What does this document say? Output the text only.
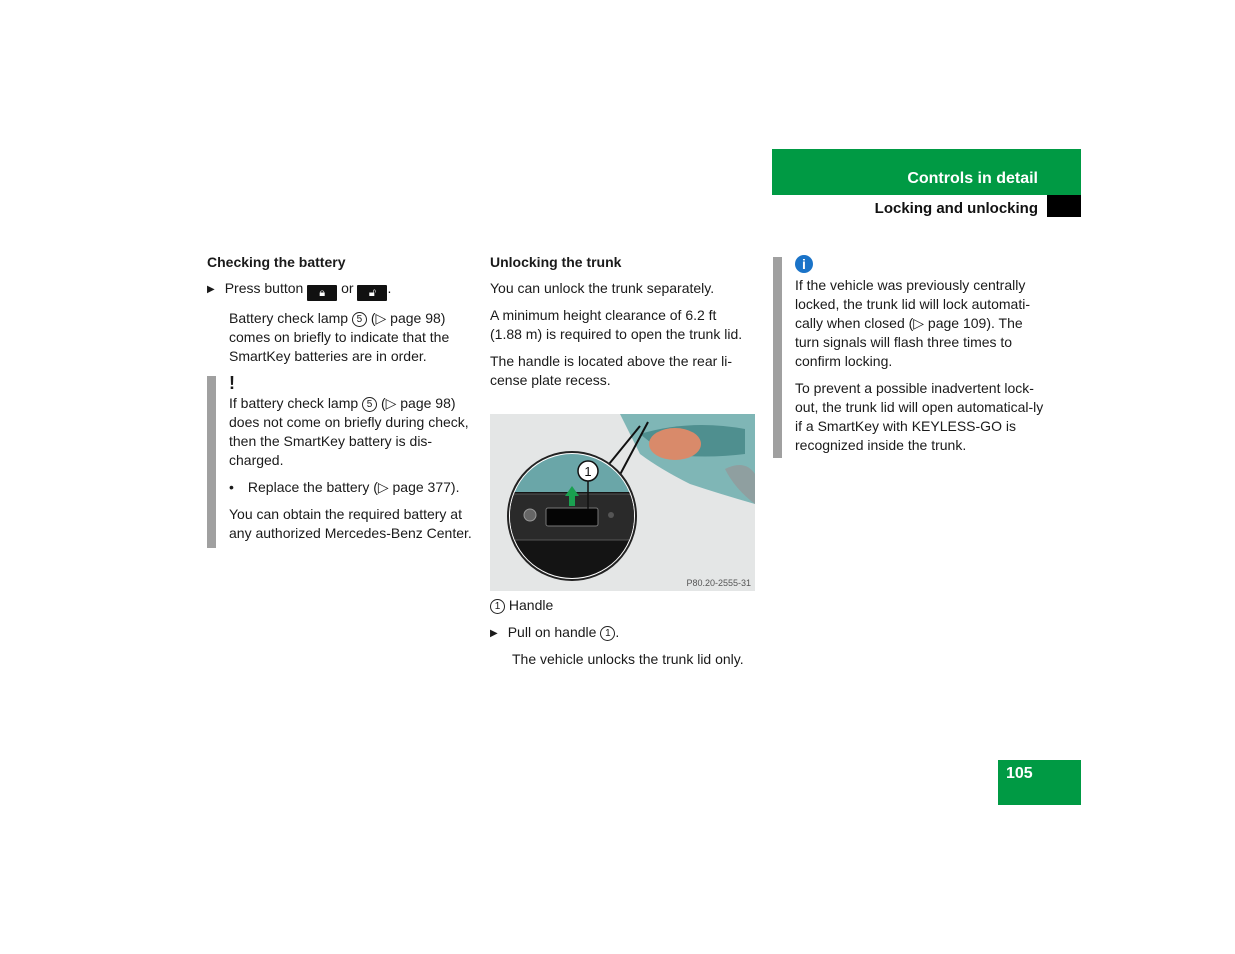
Controls in detail
Locking and unlocking

Checking the battery

▶ Press button 🔒︎ or 🔓︎ .

Battery check lamp 5 (▷ page 98) comes on briefly to indicate that the SmartKey batteries are in order.

!

If battery check lamp 5 (▷ page 98) does not come on briefly during check, then the SmartKey battery is dis-charged.

• Replace the battery (▷ page 377).

You can obtain the required battery at any authorized Mercedes-Benz Center.

Unlocking the trunk

You can unlock the trunk separately.

A minimum height clearance of 6.2 ft (1.88 m) is required to open the trunk lid.

The handle is located above the rear li-cense plate recess.

1
P80.20-2555-31

1 Handle

▶ Pull on handle 1 .

The vehicle unlocks the trunk lid only.

i

If the vehicle was previously centrally locked, the trunk lid will lock automati-cally when closed (▷ page 109). The turn signals will flash three times to confirm locking.

To prevent a possible inadvertent lock-out, the trunk lid will open automatical-ly if a SmartKey with KEYLESS-GO is recognized inside the trunk.

105
